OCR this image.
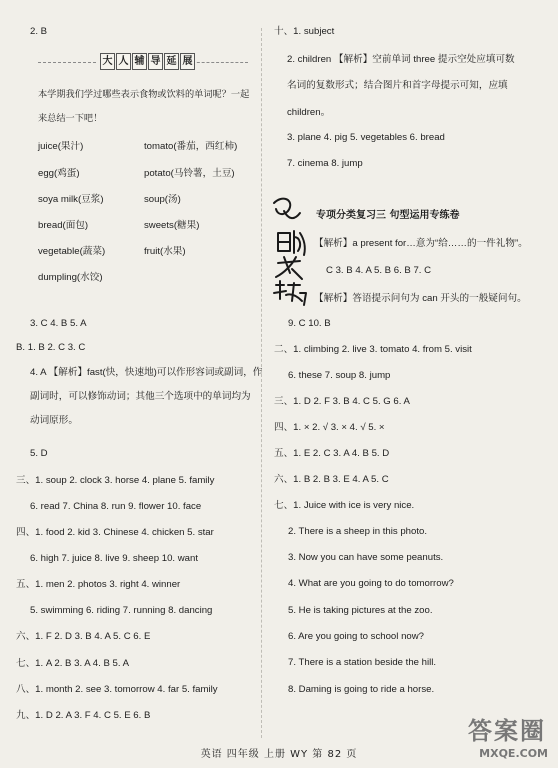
2. B
大 人 辅 导 延 展
本学期我们学过哪些表示食物或饮料的单词呢？一起
来总结一下吧！
juice(果汁)	tomato(番茄，西红柿)
egg(鸡蛋)	potato(马铃薯，土豆)
soya milk(豆浆)	soup(汤)
bread(面包)	sweets(糖果)
vegetable(蔬菜)	fruit(水果)
dumpling(水饺)
3. C 4. B 5. A
B. 1. B 2. C 3. C
4. A 【解析】fast(快，快速地)可以作形容词或副词，作
副词时，可以修饰动词；其他三个选项中的单词均为
动词原形。
5. D
三、1. soup 2. clock 3. horse 4. plane 5. family
6. read 7. China 8. run 9. flower 10. face
四、1. food 2. kid 3. Chinese 4. chicken 5. star
6. high 7. juice 8. live 9. sheep 10. want
五、1. men 2. photos 3. right 4. winner
5. swimming 6. riding 7. running 8. dancing
六、1. F 2. D 3. B 4. A 5. C 6. E
七、1. A 2. B 3. A 4. B 5. A
八、1. month 2. see 3. tomorrow 4. far 5. family
九、1. D 2. A 3. F 4. C 5. E 6. B
十、1. subject
2. children 【解析】空前单词 three 提示空处应填可数
名词的复数形式；结合图片和首字母提示可知，应填
children。
3. plane 4. pig 5. vegetables 6. bread
7. cinema 8. jump
专项分类复习三 句型运用专练卷
【解析】a present for…意为“给……的一件礼物”。
C 3. B 4. A 5. B 6. B 7. C
【解析】答语提示问句为 can 开头的一般疑问句。
9. C 10. B
二、1. climbing 2. live 3. tomato 4. from 5. visit
6. these 7. soup 8. jump
三、1. D 2. F 3. B 4. C 5. G 6. A
四、1. × 2. √ 3. × 4. √ 5. ×
五、1. E 2. C 3. A 4. B 5. D
六、1. B 2. B 3. E 4. A 5. C
七、1. Juice with ice is very nice.
2. There is a sheep in this photo.
3. Now you can have some peanuts.
4. What are you going to do tomorrow?
5. He is taking pictures at the zoo.
6. Are you going to school now?
7. There is a station beside the hill.
8. Daming is going to ride a horse.
英语 四年级 上册 WY 第 82 页
答案圈
MXQE.COM
